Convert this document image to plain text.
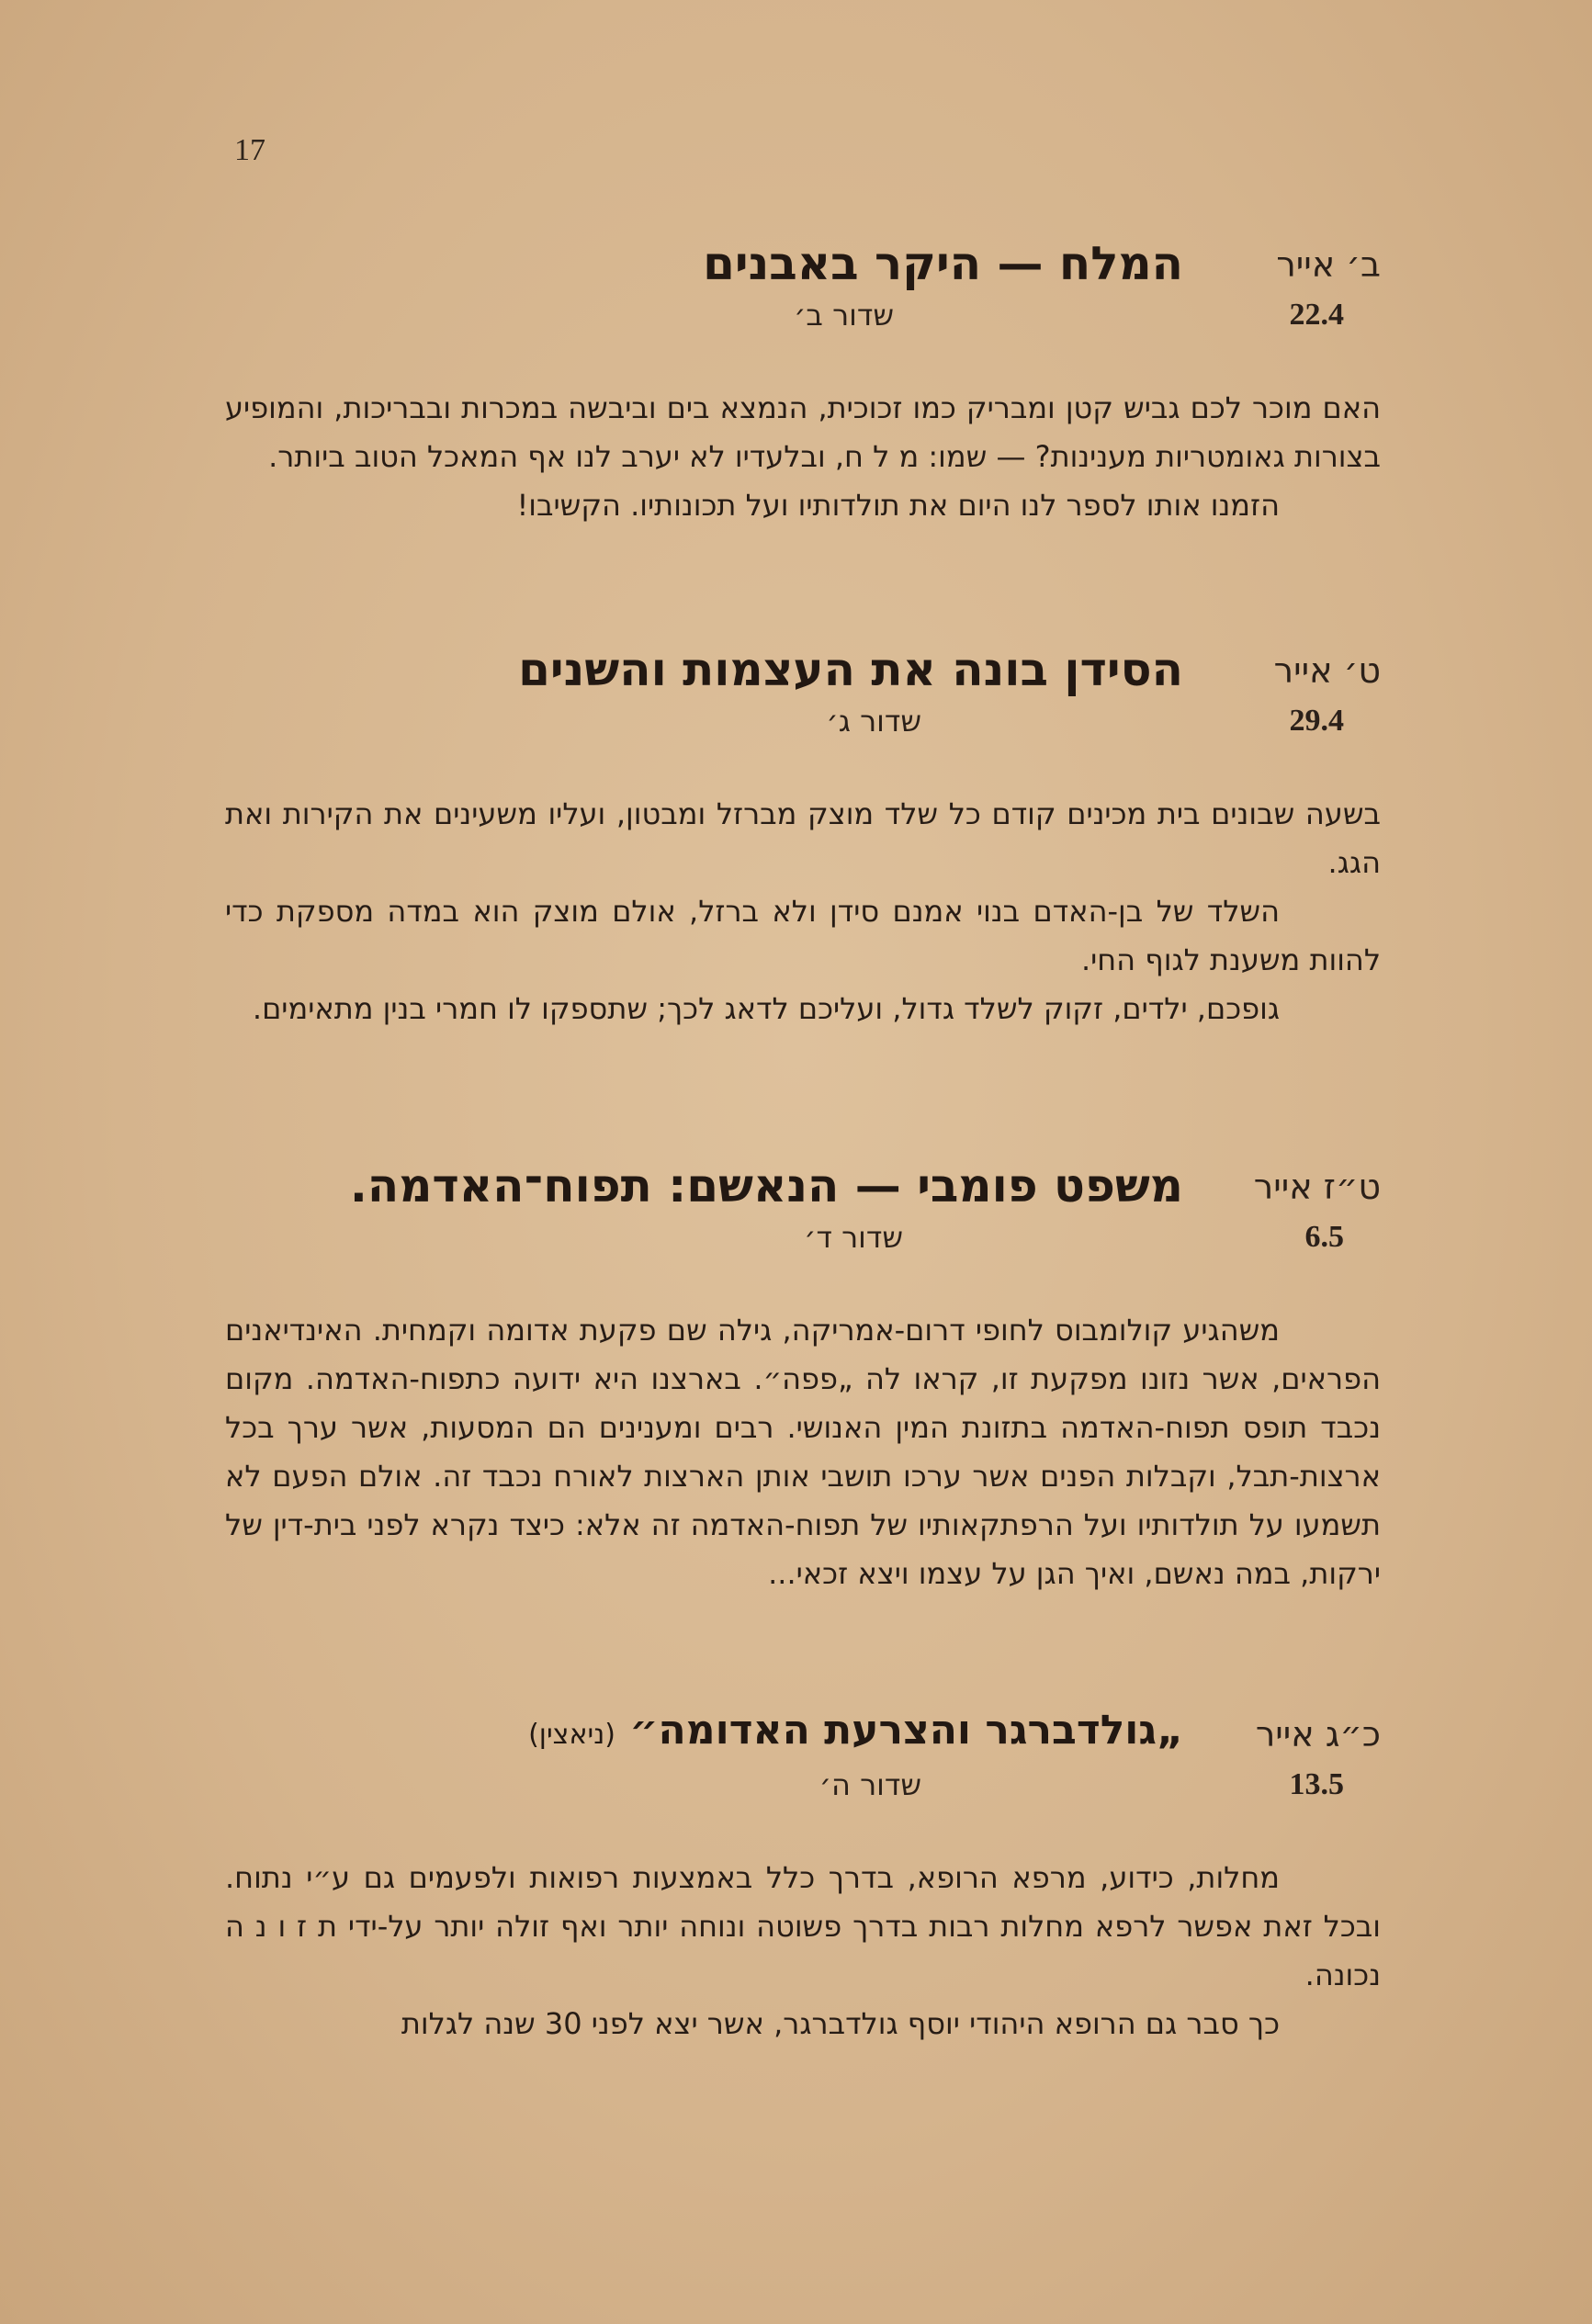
17
ב׳ אייר
המלח — היקר באבנים
22.4
שדור ב׳

האם מוכר לכם גביש קטן ומבריק כמו זכוכית, הנמצא בים וביבשה במכרות ובבריכות, והמופיע בצורות גאומטריות מענינות? — שמו: מ ל ח, ובלעדיו לא יערב לנו אף המאכל הטוב ביותר.

הזמנו אותו לספר לנו היום את תולדותיו ועל תכונותיו. הקשיבו!

ט׳ אייר
הסידן בונה את העצמות והשנים
29.4
שדור ג׳

בשעה שבונים בית מכינים קודם כל שלד מוצק מברזל ומבטון, ועליו משעינים את הקירות ואת הגג.

השלד של בן-האדם בנוי אמנם סידן ולא ברזל, אולם מוצק הוא במדה מספקת כדי להוות משענת לגוף החי.

גופכם, ילדים, זקוק לשלד גדול, ועליכם לדאג לכך; שתספקו לו חמרי בנין מתאימים.

ט״ז אייר
משפט פומבי — הנאשם: תפוח־האדמה.
6.5
שדור ד׳

משהגיע קולומבוס לחופי דרום-אמריקה, גילה שם פקעת אדומה וקמחית. האינדיאנים הפראים, אשר נזונו מפקעת זו, קראו לה „פפה״. בארצנו היא ידועה כתפוח-האדמה. מקום נכבד תופס תפוח-האדמה בתזונת המין האנושי. רבים ומענינים הם המסעות, אשר ערך בכל ארצות-תבל, וקבלות הפנים אשר ערכו תושבי אותן הארצות לאורח נכבד זה. אולם הפעם לא תשמעו על תולדותיו ועל הרפתקאותיו של תפוח-האדמה זה אלא: כיצד נקרא לפני בית-דין של ירקות, במה נאשם, ואיך הגן על עצמו ויצא זכאי...

כ״ג אייר
„גולדברגר והצרעת האדומה״ (ניאצין)
13.5
שדור ה׳

מחלות, כידוע, מרפא הרופא, בדרך כלל באמצעות רפואות ולפעמים גם ע״י נתוח. ובכל זאת אפשר לרפא מחלות רבות בדרך פשוטה ונוחה יותר ואף זולה יותר על-ידי ת ז ו נ ה נכונה.

כך סבר גם הרופא היהודי יוסף גולדברגר, אשר יצא לפני 30 שנה לגלות
